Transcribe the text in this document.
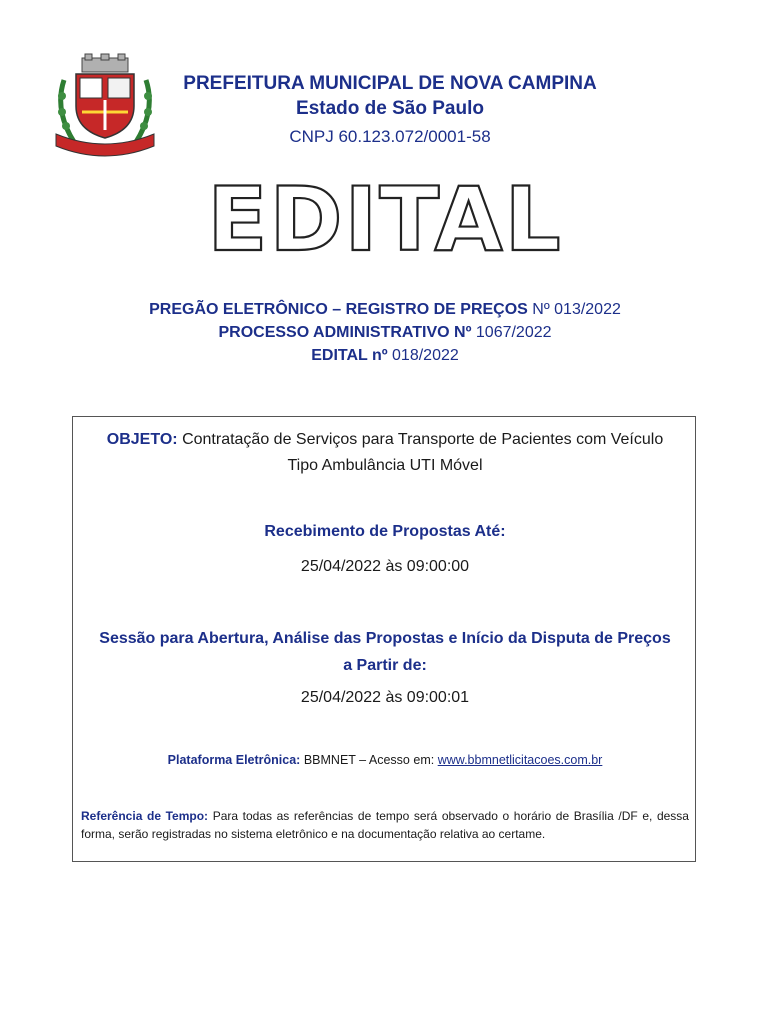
PREFEITURA MUNICIPAL DE NOVA CAMPINA
Estado de São Paulo
CNPJ 60.123.072/0001-58
EDITAL
PREGÃO ELETRÔNICO – REGISTRO DE PREÇOS Nº 013/2022
PROCESSO ADMINISTRATIVO Nº 1067/2022
EDITAL nº 018/2022
OBJETO: Contratação de Serviços para Transporte de Pacientes com Veículo Tipo Ambulância UTI Móvel
Recebimento de Propostas Até:
25/04/2022 às 09:00:00
Sessão para Abertura, Análise das Propostas e Início da Disputa de Preços a Partir de:
25/04/2022 às 09:00:01
Plataforma Eletrônica: BBMNET – Acesso em: www.bbmnetlicitacoes.com.br
Referência de Tempo: Para todas as referências de tempo será observado o horário de Brasília /DF e, dessa forma, serão registradas no sistema eletrônico e na documentação relativa ao certame.
